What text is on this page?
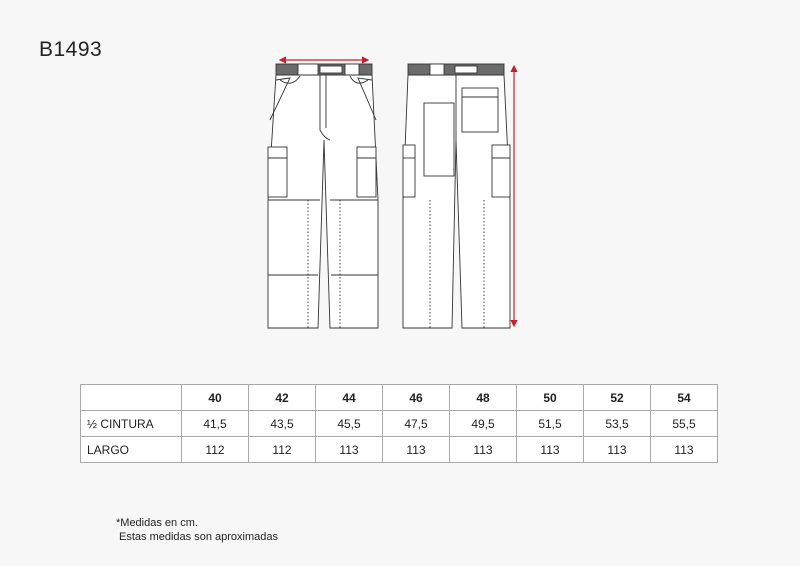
B1493
	40	42	44	46	48	50	52	54
½ CINTURA	41,5	43,5	45,5	47,5	49,5	51,5	53,5	55,5
LARGO	112	112	113	113	113	113	113	113
*Medidas en cm.
Estas medidas son aproximadas
